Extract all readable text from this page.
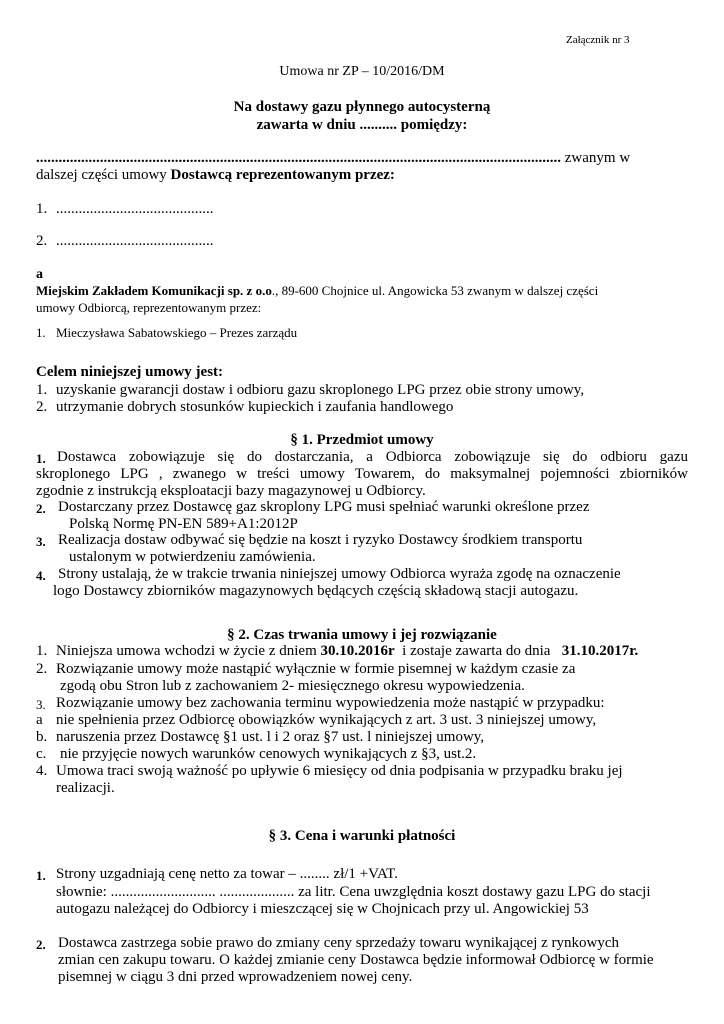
Załącznik nr 3
Umowa nr ZP – 10/2016/DM
Na dostawy gazu płynnego autocysterną
zawarta w dniu .......... pomiędzy:
............................................................................................................................................ zwanym w
dalszej części umowy Dostawcą reprezentowanym przez:
1. ..........................................
2. ..........................................
a
Miejskim Zakładem Komunikacji sp. z o.o., 89-600 Chojnice ul. Angowicka 53 zwanym w dalszej części
umowy Odbiorcą, reprezentowanym przez:
1. Mieczysława Sabatowskiego – Prezes zarządu
Celem niniejszej umowy jest:
1. uzyskanie gwarancji dostaw i odbioru gazu skroplonego LPG przez obie strony umowy,
2. utrzymanie dobrych stosunków kupieckich i zaufania handlowego
§ 1. Przedmiot umowy
1. Dostawca zobowiązuje się do dostarczania, a Odbiorca zobowiązuje się do odbioru gazu
skroplonego LPG , zwanego w treści umowy Towarem, do maksymalnej pojemności zbiorników
zgodnie z instrukcją eksploatacji bazy magazynowej u Odbiorcy.
2. Dostarczany przez Dostawcę gaz skroplony LPG musi spełniać warunki określone przez
Polską Normę PN-EN 589+A1:2012P
3. Realizacja dostaw odbywać się będzie na koszt i ryzyko Dostawcy środkiem transportu
ustalonym w potwierdzeniu zamówienia.
4. Strony ustalają, że w trakcie trwania niniejszej umowy Odbiorca wyraża zgodę na oznaczenie
logo Dostawcy zbiorników magazynowych będących częścią składową stacji autogazu.
§ 2. Czas trwania umowy i jej rozwiązanie
1. Niniejsza umowa wchodzi w życie z dniem 30.10.2016r  i zostaje zawarta do dnia   31.10.2017r.
2. Rozwiązanie umowy może nastąpić wyłącznie w formie pisemnej w każdym czasie za
zgodą obu Stron lub z zachowaniem 2- miesięcznego okresu wypowiedzenia.
3. Rozwiązanie umowy bez zachowania terminu wypowiedzenia może nastąpić w przypadku:
a nie spełnienia przez Odbiorcę obowiązków wynikających z art. 3 ust. 3 niniejszej umowy,
b. naruszenia przez Dostawcę §1 ust. l i 2 oraz §7 ust. l niniejszej umowy,
c. nie przyjęcie nowych warunków cenowych wynikających z §3, ust.2.
4. Umowa traci swoją ważność po upływie 6 miesięcy od dnia podpisania w przypadku braku jej
realizacji.
§ 3. Cena i warunki płatności
1. Strony uzgadniają cenę netto za towar – ........ zł/1 +VAT.
słownie: ............................ .................... za litr. Cena uwzględnia koszt dostawy gazu LPG do stacji
autogazu należącej do Odbiorcy i mieszczącej się w Chojnicach przy ul. Angowickiej 53
2. Dostawca zastrzega sobie prawo do zmiany ceny sprzedaży towaru wynikającej z rynkowych
zmian cen zakupu towaru. O każdej zmianie ceny Dostawca będzie informował Odbiorcę w formie
pisemnej w ciągu 3 dni przed wprowadzeniem nowej ceny.
